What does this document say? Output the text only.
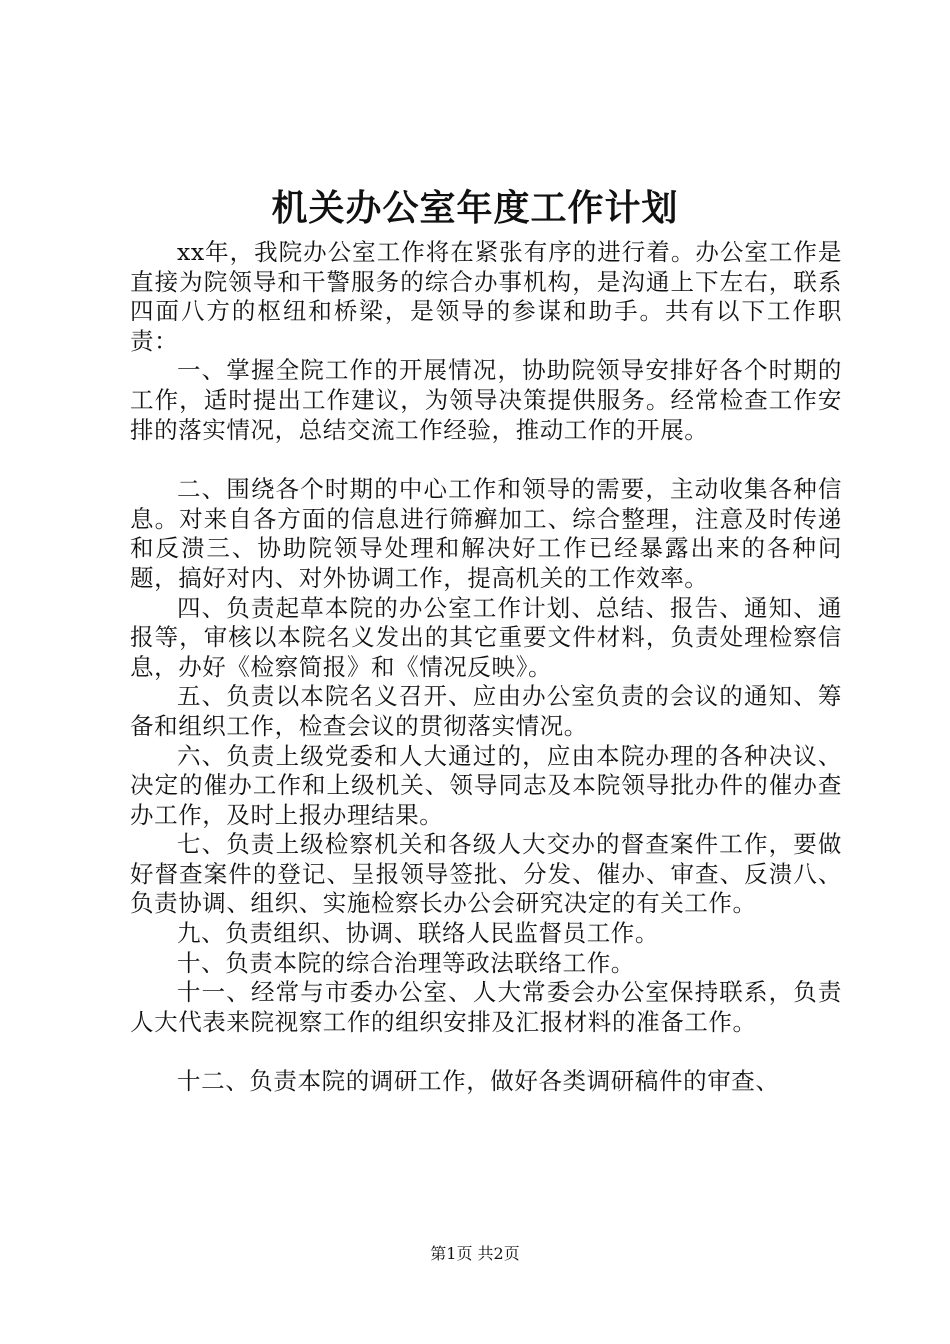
机关办公室年度工作计划

xx年，我院办公室工作将在紧张有序的进行着。办公室工作是直接为院领导和干警服务的综合办事机构，是沟通上下左右，联系四面八方的枢纽和桥梁，是领导的参谋和助手。共有以下工作职责：

一、掌握全院工作的开展情况，协助院领导安排好各个时期的工作，适时提出工作建议，为领导决策提供服务。经常检查工作安排的落实情况，总结交流工作经验，推动工作的开展。

二、围绕各个时期的中心工作和领导的需要，主动收集各种信息。对来自各方面的信息进行筛癣加工、综合整理，注意及时传递和反溃三、协助院领导处理和解决好工作已经暴露出来的各种问题，搞好对内、对外协调工作，提高机关的工作效率。

四、负责起草本院的办公室工作计划、总结、报告、通知、通报等，审核以本院名义发出的其它重要文件材料，负责处理检察信息，办好《检察简报》和《情况反映》。

五、负责以本院名义召开、应由办公室负责的会议的通知、筹备和组织工作，检查会议的贯彻落实情况。

六、负责上级党委和人大通过的，应由本院办理的各种决议、决定的催办工作和上级机关、领导同志及本院领导批办件的催办查办工作，及时上报办理结果。

七、负责上级检察机关和各级人大交办的督查案件工作，要做好督查案件的登记、呈报领导签批、分发、催办、审查、反溃八、负责协调、组织、实施检察长办公会研究决定的有关工作。

九、负责组织、协调、联络人民监督员工作。

十、负责本院的综合治理等政法联络工作。

十一、经常与市委办公室、人大常委会办公室保持联系，负责人大代表来院视察工作的组织安排及汇报材料的准备工作。

十二、负责本院的调研工作，做好各类调研稿件的审查、

第1页 共2页
